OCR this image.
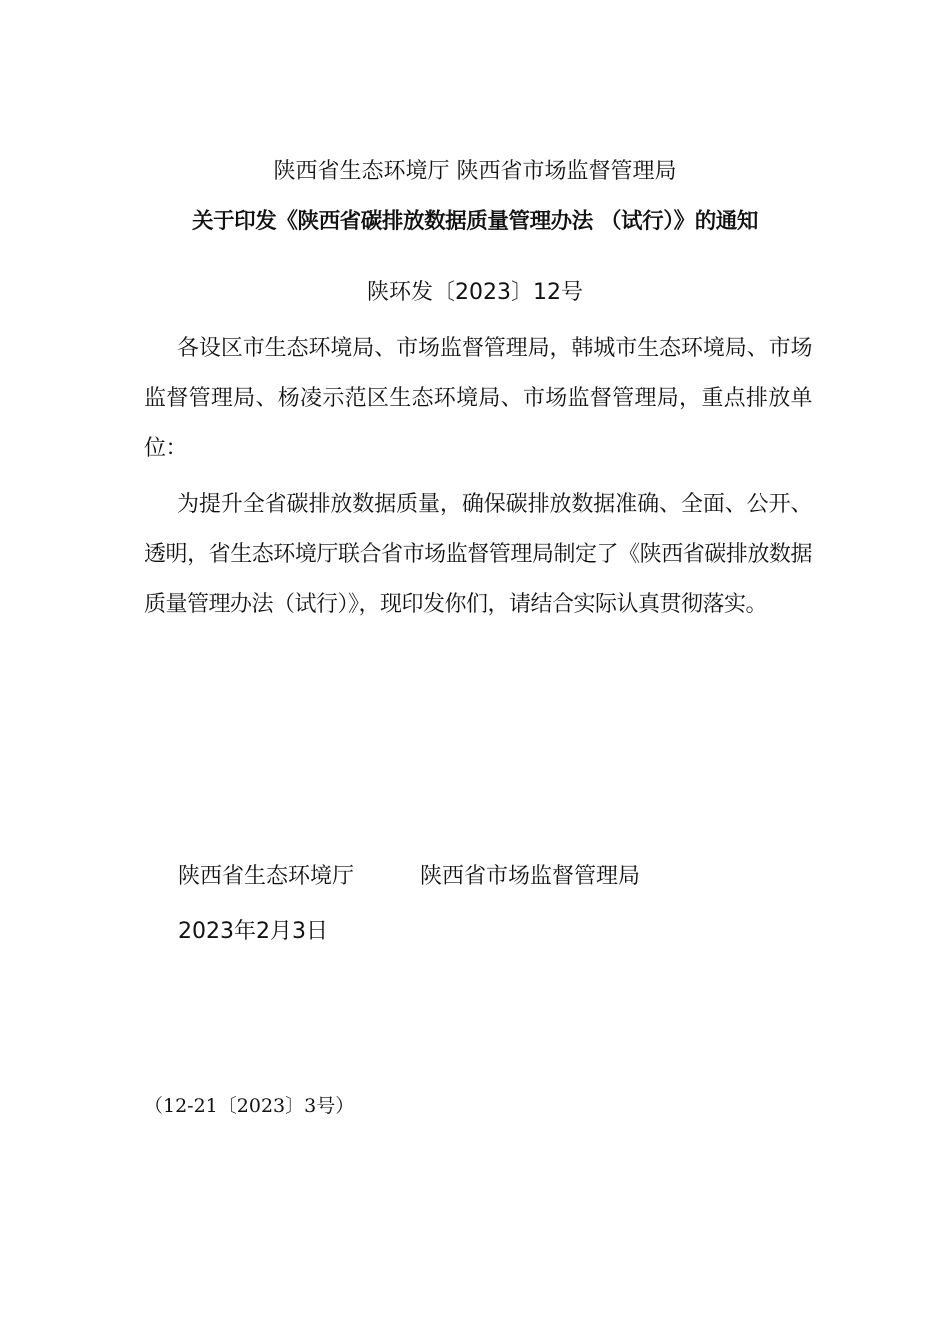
陕西省生态环境厅 陕西省市场监督管理局
关于印发《陕西省碳排放数据质量管理办法 （试行）》的通知
陕环发〔2023〕12号

各设区市生态环境局、市场监督管理局，韩城市生态环境局、市场监督管理局、杨凌示范区生态环境局、市场监督管理局，重点排放单位：

为提升全省碳排放数据质量，确保碳排放数据准确、全面、公开、透明，省生态环境厅联合省市场监督管理局制定了《陕西省碳排放数据质量管理办法（试行）》，现印发你们，请结合实际认真贯彻落实。

陕西省生态环境厅	陕西省市场监督管理局
2023年2月3日
（12-21〔2023〕3号）
